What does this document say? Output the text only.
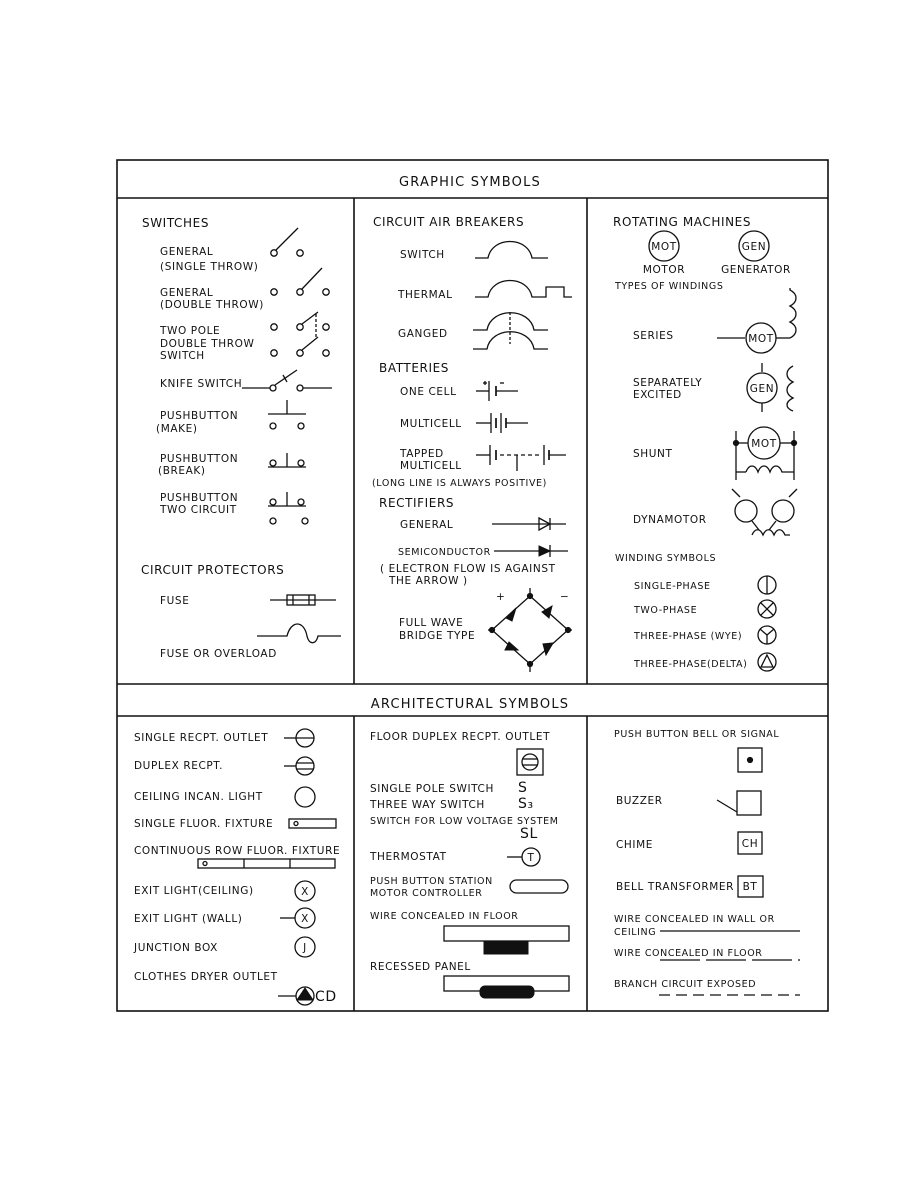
GRAPHIC SYMBOLS
ARCHITECTURAL SYMBOLS
SWITCHES
GENERAL
(SINGLE THROW)
GENERAL
(DOUBLE THROW)
TWO POLE
DOUBLE THROW
SWITCH
KNIFE SWITCH
PUSHBUTTON
(MAKE)
PUSHBUTTON
(BREAK)
PUSHBUTTON
TWO CIRCUIT
CIRCUIT PROTECTORS
FUSE
FUSE OR OVERLOAD
CIRCUIT AIR BREAKERS
SWITCH
THERMAL
GANGED
BATTERIES
ONE CELL
MULTICELL
TAPPED
MULTICELL
(LONG LINE IS ALWAYS POSITIVE)
RECTIFIERS
GENERAL
SEMICONDUCTOR
( ELECTRON FLOW IS AGAINST
THE ARROW )
FULL WAVE
BRIDGE TYPE
+	−
ROTATING MACHINES
MOT	GEN
MOTOR	GENERATOR
TYPES OF WINDINGS
SERIES	MOT
SEPARATELY
EXCITED	GEN
SHUNT
MOT
DYNAMOTOR
WINDING SYMBOLS
SINGLE-PHASE
TWO-PHASE
THREE-PHASE (WYE)
THREE-PHASE(DELTA)
SINGLE RECPT. OUTLET
DUPLEX RECPT.
CEILING INCAN. LIGHT
SINGLE FLUOR. FIXTURE
CONTINUOUS ROW FLUOR. FIXTURE
EXIT LIGHT(CEILING)	X
EXIT LIGHT (WALL)	X
JUNCTION BOX	J
CLOTHES DRYER OUTLET
CD
FLOOR DUPLEX RECPT. OUTLET
SINGLE POLE SWITCH S
THREE WAY SWITCH S₃
SWITCH FOR LOW VOLTAGE SYSTEM
SL
THERMOSTAT	T
PUSH BUTTON STATION
MOTOR CONTROLLER
WIRE CONCEALED IN FLOOR
RECESSED PANEL
PUSH BUTTON BELL OR SIGNAL
BUZZER
CHIME	CH
BELL TRANSFORMER BT
WIRE CONCEALED IN WALL OR
CEILING
WIRE CONCEALED IN FLOOR
BRANCH CIRCUIT EXPOSED
